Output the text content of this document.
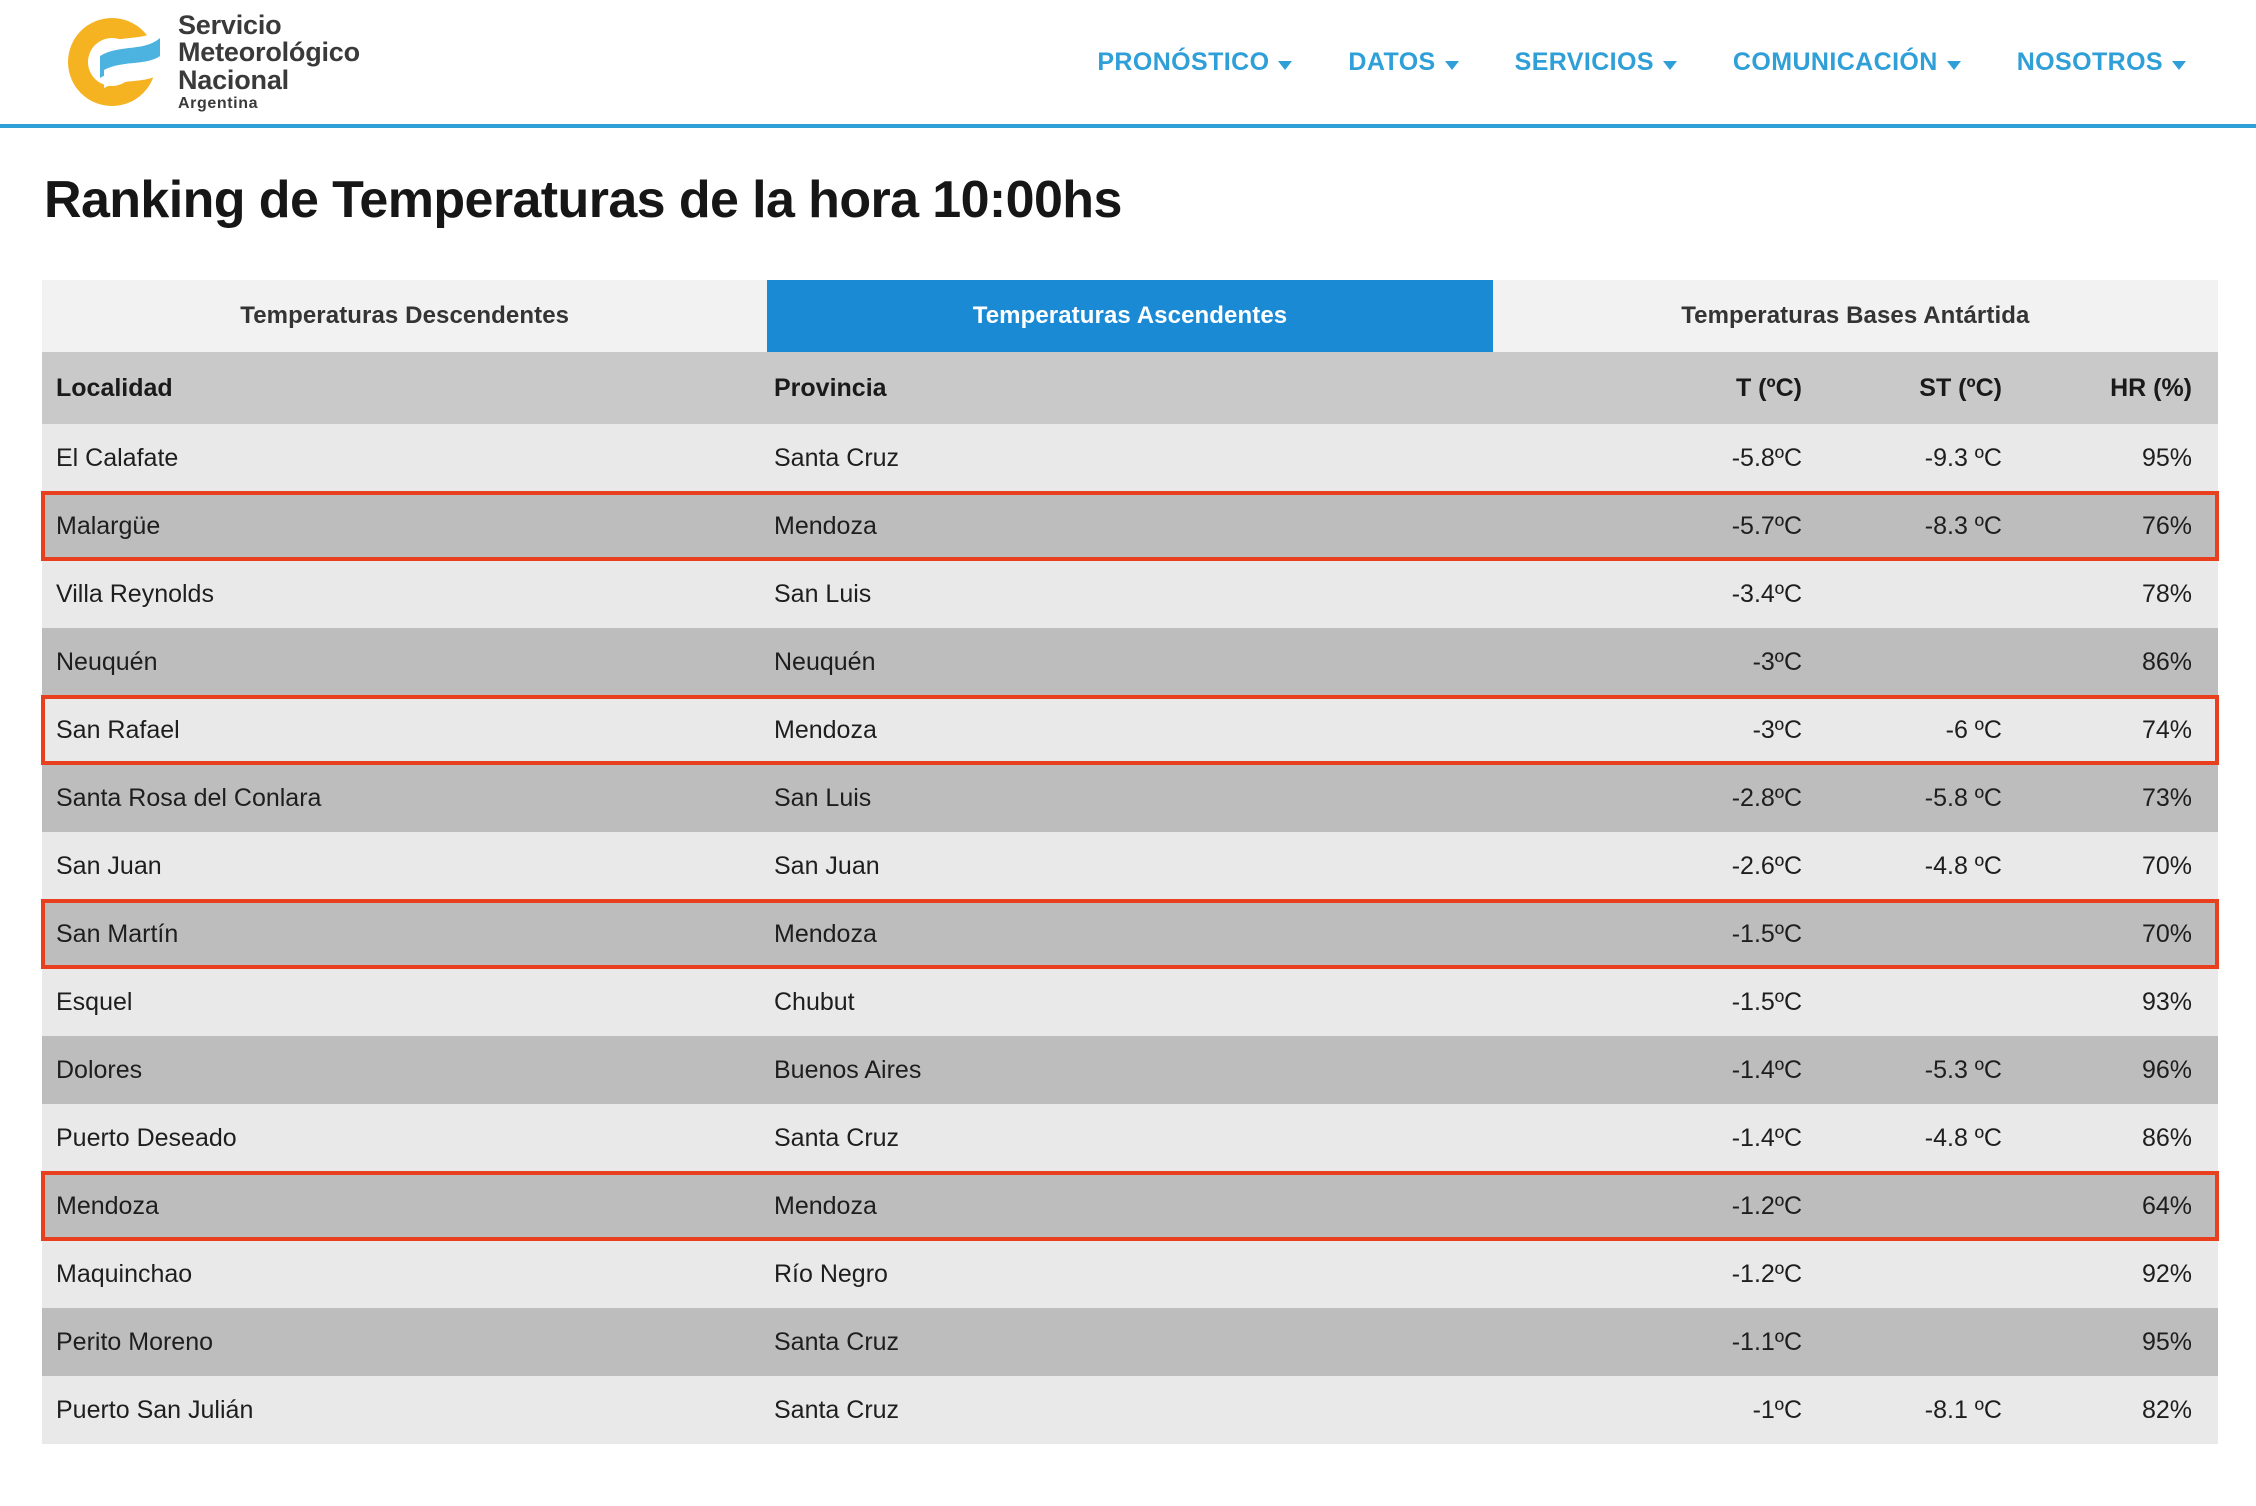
Servicio
Meteorológico
Nacional
Argentina
PRONÓSTICO	DATOS	SERVICIOS	COMUNICACIÓN	NOSOTROS
Ranking de Temperaturas de la hora 10:00hs
Temperaturas Descendentes	Temperaturas Ascendentes	Temperaturas Bases Antártida
Localidad	Provincia	T (ºC)	ST (ºC)	HR (%)
El Calafate	Santa Cruz	-5.8ºC	-9.3 ºC	95%
Malargüe	Mendoza	-5.7ºC	-8.3 ºC	76%
Villa Reynolds	San Luis	-3.4ºC		78%
Neuquén	Neuquén	-3ºC		86%
San Rafael	Mendoza	-3ºC	-6 ºC	74%
Santa Rosa del Conlara	San Luis	-2.8ºC	-5.8 ºC	73%
San Juan	San Juan	-2.6ºC	-4.8 ºC	70%
San Martín	Mendoza	-1.5ºC		70%
Esquel	Chubut	-1.5ºC		93%
Dolores	Buenos Aires	-1.4ºC	-5.3 ºC	96%
Puerto Deseado	Santa Cruz	-1.4ºC	-4.8 ºC	86%
Mendoza	Mendoza	-1.2ºC		64%
Maquinchao	Río Negro	-1.2ºC		92%
Perito Moreno	Santa Cruz	-1.1ºC		95%
Puerto San Julián	Santa Cruz	-1ºC	-8.1 ºC	82%
